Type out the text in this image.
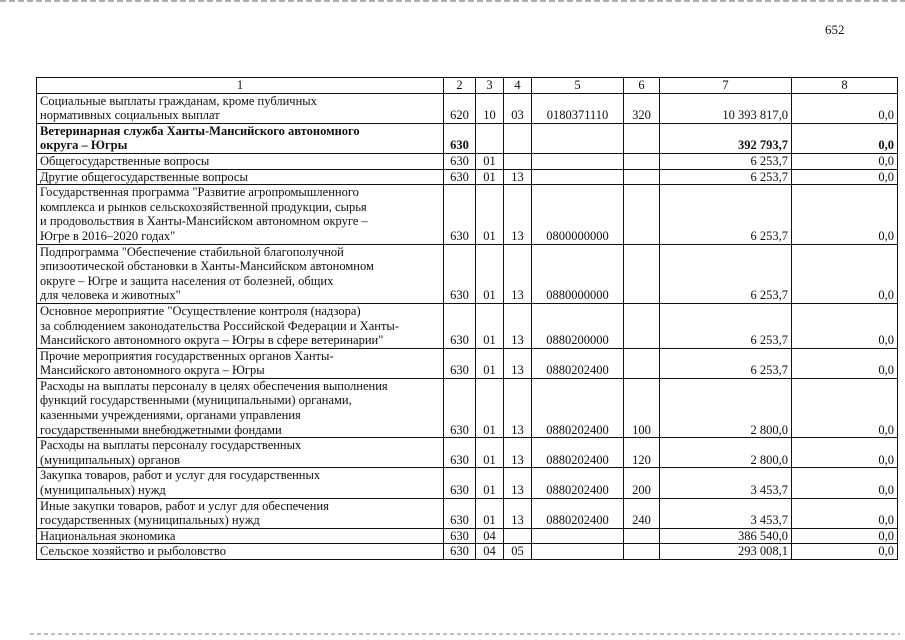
652
1	2	3	4	5	6	7	8
Социальные выплаты гражданам, кроме публичных
нормативных социальных выплат	620	10	03	0180371110	320	10 393 817,0	0,0
Ветеринарная служба Ханты-Мансийского автономного
округа – Югры	630					392 793,7	0,0
Общегосударственные вопросы	630	01				6 253,7	0,0
Другие общегосударственные вопросы	630	01	13			6 253,7	0,0
Государственная программа "Развитие агропромышленного
комплекса и рынков сельскохозяйственной продукции, сырья
и продовольствия в Ханты-Мансийском автономном округе –
Югре в 2016–2020 годах"	630	01	13	0800000000		6 253,7	0,0
Подпрограмма "Обеспечение стабильной благополучной
эпизоотической обстановки в Ханты-Мансийском автономном
округе – Югре и защита населения от болезней, общих
для человека и животных"	630	01	13	0880000000		6 253,7	0,0
Основное мероприятие "Осуществление контроля (надзора)
за соблюдением законодательства Российской Федерации и Ханты-
Мансийского автономного округа – Югры в сфере ветеринарии"	630	01	13	0880200000		6 253,7	0,0
Прочие мероприятия государственных органов Ханты-
Мансийского автономного округа – Югры	630	01	13	0880202400		6 253,7	0,0
Расходы на выплаты персоналу в целях обеспечения выполнения
функций государственными (муниципальными) органами,
казенными учреждениями, органами управления
государственными внебюджетными фондами	630	01	13	0880202400	100	2 800,0	0,0
Расходы на выплаты персоналу государственных
(муниципальных) органов	630	01	13	0880202400	120	2 800,0	0,0
Закупка товаров, работ и услуг для государственных
(муниципальных) нужд	630	01	13	0880202400	200	3 453,7	0,0
Иные закупки товаров, работ и услуг для обеспечения
государственных (муниципальных) нужд	630	01	13	0880202400	240	3 453,7	0,0
Национальная экономика	630	04				386 540,0	0,0
Сельское хозяйство и рыболовство	630	04	05			293 008,1	0,0
